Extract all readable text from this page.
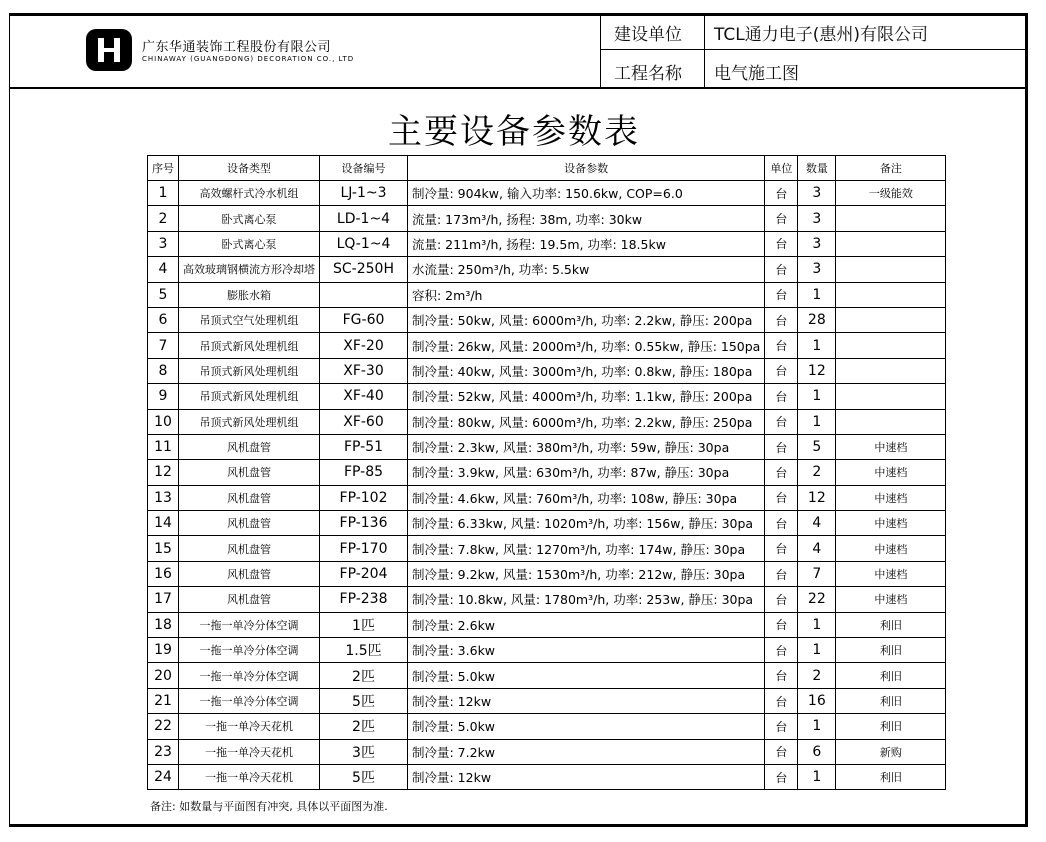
广东华通装饰工程股份有限公司
CHINAWAY (GUANGDONG) DECORATION CO., LTD
建设单位 TCL通力电子(惠州)有限公司
工程名称 电气施工图
主要设备参数表
序号	设备类型	设备编号	设备参数	单位	数量	备注
1	高效螺杆式冷水机组	LJ-1~3	制冷量: 904kw, 输入功率: 150.6kw, COP=6.0	台	3	一级能效
2	卧式离心泵	LD-1~4	流量: 173m³/h, 扬程: 38m, 功率: 30kw	台	3	
3	卧式离心泵	LQ-1~4	流量: 211m³/h, 扬程: 19.5m, 功率: 18.5kw	台	3	
4	高效玻璃钢横流方形冷却塔	SC-250H	水流量: 250m³/h, 功率: 5.5kw	台	3	
5	膨胀水箱		容积: 2m³/h	台	1	
6	吊顶式空气处理机组	FG-60	制冷量: 50kw, 风量: 6000m³/h, 功率: 2.2kw, 静压: 200pa	台	28	
7	吊顶式新风处理机组	XF-20	制冷量: 26kw, 风量: 2000m³/h, 功率: 0.55kw, 静压: 150pa	台	1	
8	吊顶式新风处理机组	XF-30	制冷量: 40kw, 风量: 3000m³/h, 功率: 0.8kw, 静压: 180pa	台	12	
9	吊顶式新风处理机组	XF-40	制冷量: 52kw, 风量: 4000m³/h, 功率: 1.1kw, 静压: 200pa	台	1	
10	吊顶式新风处理机组	XF-60	制冷量: 80kw, 风量: 6000m³/h, 功率: 2.2kw, 静压: 250pa	台	1	
11	风机盘管	FP-51	制冷量: 2.3kw, 风量: 380m³/h, 功率: 59w, 静压: 30pa	台	5	中速档
12	风机盘管	FP-85	制冷量: 3.9kw, 风量: 630m³/h, 功率: 87w, 静压: 30pa	台	2	中速档
13	风机盘管	FP-102	制冷量: 4.6kw, 风量: 760m³/h, 功率: 108w, 静压: 30pa	台	12	中速档
14	风机盘管	FP-136	制冷量: 6.33kw, 风量: 1020m³/h, 功率: 156w, 静压: 30pa	台	4	中速档
15	风机盘管	FP-170	制冷量: 7.8kw, 风量: 1270m³/h, 功率: 174w, 静压: 30pa	台	4	中速档
16	风机盘管	FP-204	制冷量: 9.2kw, 风量: 1530m³/h, 功率: 212w, 静压: 30pa	台	7	中速档
17	风机盘管	FP-238	制冷量: 10.8kw, 风量: 1780m³/h, 功率: 253w, 静压: 30pa	台	22	中速档
18	一拖一单冷分体空调	1匹	制冷量: 2.6kw	台	1	利旧
19	一拖一单冷分体空调	1.5匹	制冷量: 3.6kw	台	1	利旧
20	一拖一单冷分体空调	2匹	制冷量: 5.0kw	台	2	利旧
21	一拖一单冷分体空调	5匹	制冷量: 12kw	台	16	利旧
22	一拖一单冷天花机	2匹	制冷量: 5.0kw	台	1	利旧
23	一拖一单冷天花机	3匹	制冷量: 7.2kw	台	6	新购
24	一拖一单冷天花机	5匹	制冷量: 12kw	台	1	利旧
备注: 如数量与平面图有冲突, 具体以平面图为准.
